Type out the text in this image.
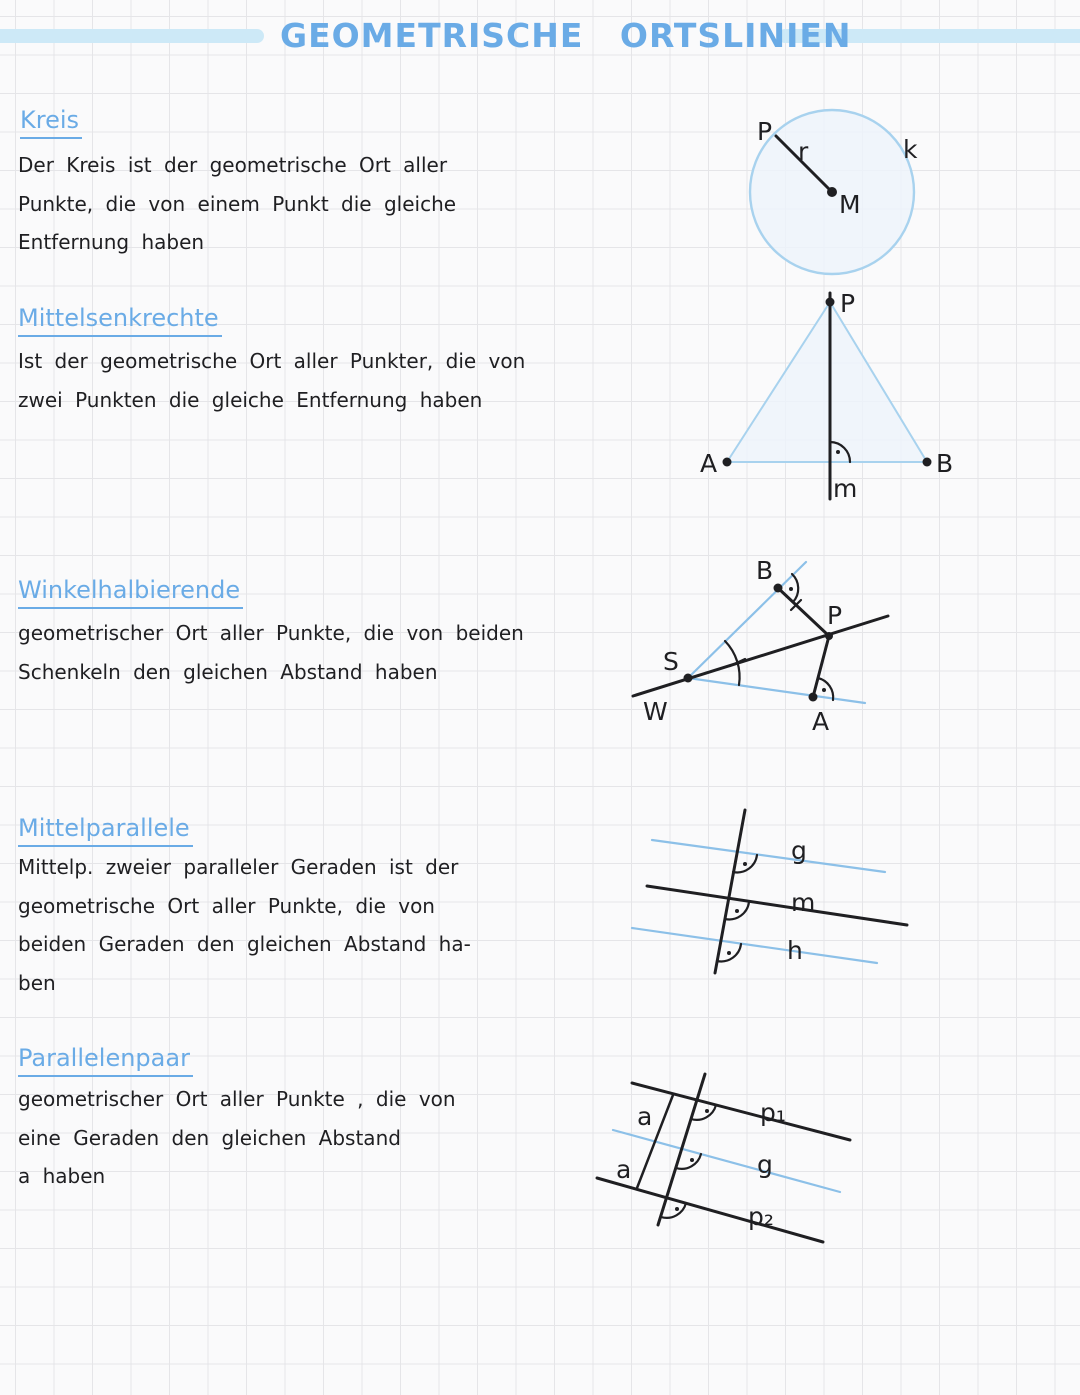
GEOMETRISCHE ORTSLINIEN
Kreis
Der Kreis ist der geometrische Ort aller
Punkte, die von einem Punkt die gleiche
Entfernung haben
Mittelsenkrechte
Ist der geometrische Ort aller Punkter, die von
zwei Punkten die gleiche Entfernung haben
Winkelhalbierende
geometrischer Ort aller Punkte, die von beiden
Schenkeln den gleichen Abstand haben
Mittelparallele
Mittelp. zweier paralleler Geraden ist der
geometrische Ort aller Punkte, die von
beiden Geraden den gleichen Abstand ha-
ben
Parallelenpaar
geometrischer Ort aller Punkte , die von
eine Geraden den gleichen Abstand
a haben
P
r	k
M
A	B
P
m
B
S
W
P
A
g
m
h
a
a
p₁
g
p₂
